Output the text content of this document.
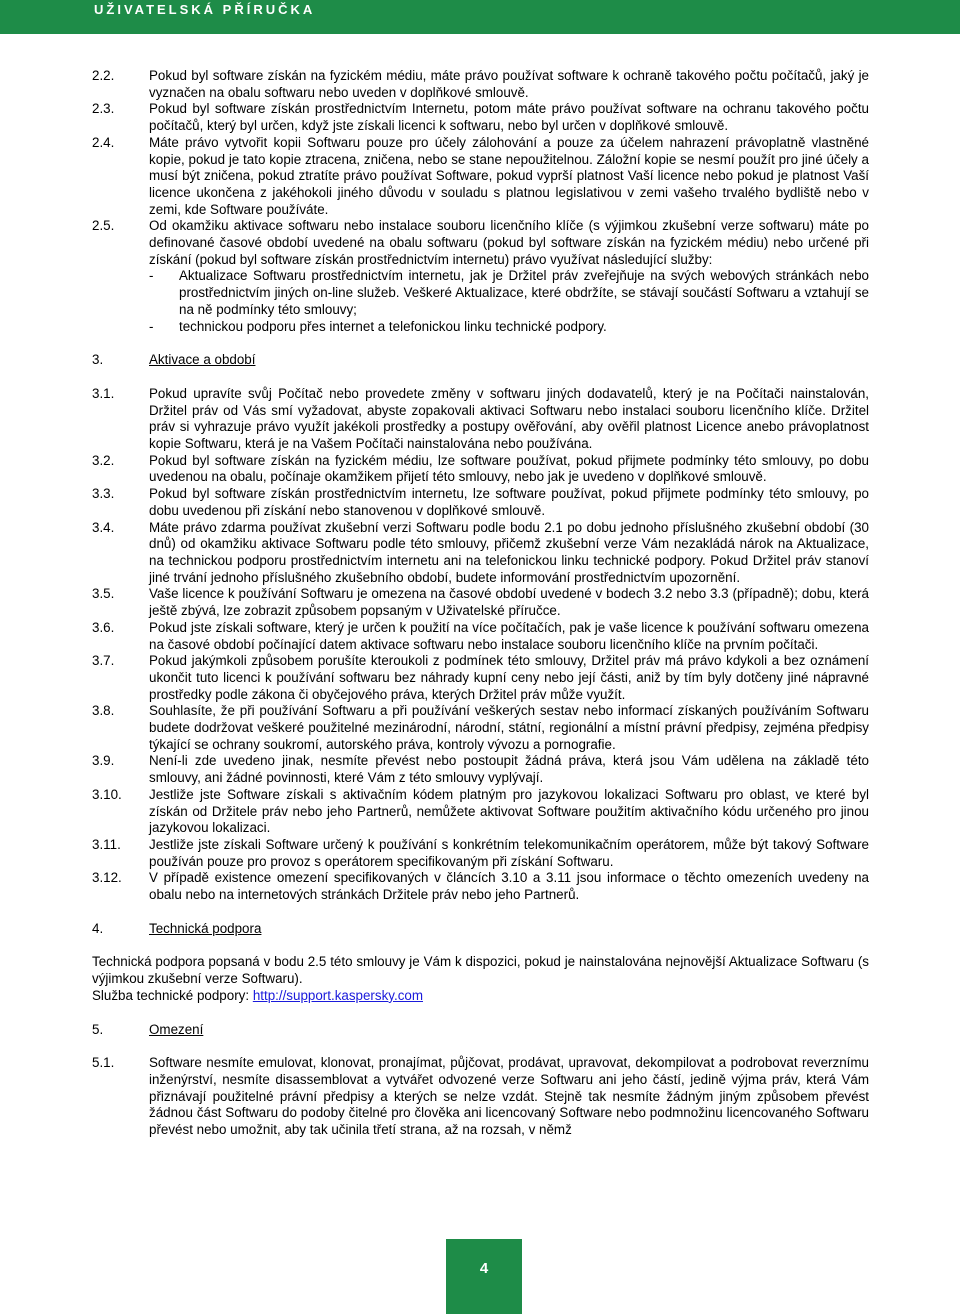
UŽIVATELSKÁ PŘÍRUČKA
2.2.	Pokud byl software získán na fyzickém médiu, máte právo používat software k ochraně takového počtu počítačů, jaký je vyznačen na obalu softwaru nebo uveden v doplňkové smlouvě.
2.3.	Pokud byl software získán prostřednictvím Internetu, potom máte právo používat software na ochranu takového počtu počítačů, který byl určen, když jste získali licenci k softwaru, nebo byl určen v doplňkové smlouvě.
2.4.	Máte právo vytvořit kopii Softwaru pouze pro účely zálohování a pouze za účelem nahrazení právoplatně vlastněné kopie, pokud je tato kopie ztracena, zničena, nebo se stane nepoužitelnou. Záložní kopie se nesmí použít pro jiné účely a musí být zničena, pokud ztratíte právo používat Software, pokud vyprší platnost Vaší licence nebo pokud je platnost Vaší licence ukončena z jakéhokoli jiného důvodu v souladu s platnou legislativou v zemi vašeho trvalého bydliště nebo v zemi, kde Software používáte.
2.5.	Od okamžiku aktivace softwaru nebo instalace souboru licenčního klíče (s výjimkou zkušební verze softwaru) máte po definované časové období uvedené na obalu softwaru (pokud byl software získán na fyzickém médiu) nebo určené při získání (pokud byl software získán prostřednictvím internetu) právo využívat následující služby:
-	Aktualizace Softwaru prostřednictvím internetu, jak je Držitel práv zveřejňuje na svých webových stránkách nebo prostřednictvím jiných on-line služeb. Veškeré Aktualizace, které obdržíte, se stávají součástí Softwaru a vztahují se na ně podmínky této smlouvy;
-	technickou podporu přes internet a telefonickou linku technické podpory.
3.	Aktivace a období
3.1.	Pokud upravíte svůj Počítač nebo provedete změny v softwaru jiných dodavatelů, který je na Počítači nainstalován, Držitel práv od Vás smí vyžadovat, abyste zopakovali aktivaci Softwaru nebo instalaci souboru licenčního klíče. Držitel práv si vyhrazuje právo využít jakékoli prostředky a postupy ověřování, aby ověřil platnost Licence anebo právoplatnost kopie Softwaru, která je na Vašem Počítači nainstalována nebo používána.
3.2.	Pokud byl software získán na fyzickém médiu, lze software používat, pokud přijmete podmínky této smlouvy, po dobu uvedenou na obalu, počínaje okamžikem přijetí této smlouvy, nebo jak je uvedeno v doplňkové smlouvě.
3.3.	Pokud byl software získán prostřednictvím internetu, lze software používat, pokud přijmete podmínky této smlouvy, po dobu uvedenou při získání nebo stanovenou v doplňkové smlouvě.
3.4.	Máte právo zdarma používat zkušební verzi Softwaru podle bodu 2.1 po dobu jednoho příslušného zkušební období (30 dnů) od okamžiku aktivace Softwaru podle této smlouvy, přičemž zkušební verze Vám nezakládá nárok na Aktualizace, na technickou podporu prostřednictvím internetu ani na telefonickou linku technické podpory. Pokud Držitel práv stanoví jiné trvání jednoho příslušného zkušebního období, budete informování prostřednictvím upozornění.
3.5.	Vaše licence k používání Softwaru je omezena na časové období uvedené v bodech 3.2 nebo 3.3 (případně); dobu, která ještě zbývá, lze zobrazit způsobem popsaným v Uživatelské příručce.
3.6.	Pokud jste získali software, který je určen k použití na více počítačích, pak je vaše licence k používání softwaru omezena na časové období počínající datem aktivace softwaru nebo instalace souboru licenčního klíče na prvním počítači.
3.7.	Pokud jakýmkoli způsobem porušíte kteroukoli z podmínek této smlouvy, Držitel práv má právo kdykoli a bez oznámení ukončit tuto licenci k používání softwaru bez náhrady kupní ceny nebo její části, aniž by tím byly dotčeny jiné nápravné prostředky podle zákona či obyčejového práva, kterých Držitel práv může využít.
3.8.	Souhlasíte, že při používání Softwaru a při používání veškerých sestav nebo informací získaných používáním Softwaru budete dodržovat veškeré použitelné mezinárodní, národní, státní, regionální a místní právní předpisy, zejména předpisy týkající se ochrany soukromí, autorského práva, kontroly vývozu a pornografie.
3.9.	Není-li zde uvedeno jinak, nesmíte převést nebo postoupit žádná práva, která jsou Vám udělena na základě této smlouvy, ani žádné povinnosti, které Vám z této smlouvy vyplývají.
3.10.	Jestliže jste Software získali s aktivačním kódem platným pro jazykovou lokalizaci Softwaru pro oblast, ve které byl získán od Držitele práv nebo jeho Partnerů, nemůžete aktivovat Software použitím aktivačního kódu určeného pro jinou jazykovou lokalizaci.
3.11.	Jestliže jste získali Software určený k používání s konkrétním telekomunikačním operátorem, může být takový Software používán pouze pro provoz s operátorem specifikovaným při získání Softwaru.
3.12.	V případě existence omezení specifikovaných v článcích 3.10 a 3.11 jsou informace o těchto omezeních uvedeny na obalu nebo na internetových stránkách Držitele práv nebo jeho Partnerů.
4.	Technická podpora
Technická podpora popsaná v bodu 2.5 této smlouvy je Vám k dispozici, pokud je nainstalována nejnovější Aktualizace Softwaru (s výjimkou zkušební verze Softwaru).
Služba technické podpory: http://support.kaspersky.com
5.	Omezení
5.1.	Software nesmíte emulovat, klonovat, pronajímat, půjčovat, prodávat, upravovat, dekompilovat a podrobovat reverznímu inženýrství, nesmíte disassemblovat a vytvářet odvozené verze Softwaru ani jeho částí, jedině výjma práv, která Vám přiznávají použitelné právní předpisy a kterých se nelze vzdát. Stejně tak nesmíte žádným jiným způsobem převést žádnou část Softwaru do podoby čitelné pro člověka ani licencovaný Software nebo podmnožinu licencovaného Softwaru převést nebo umožnit, aby tak učinila třetí strana, až na rozsah, v němž
4
